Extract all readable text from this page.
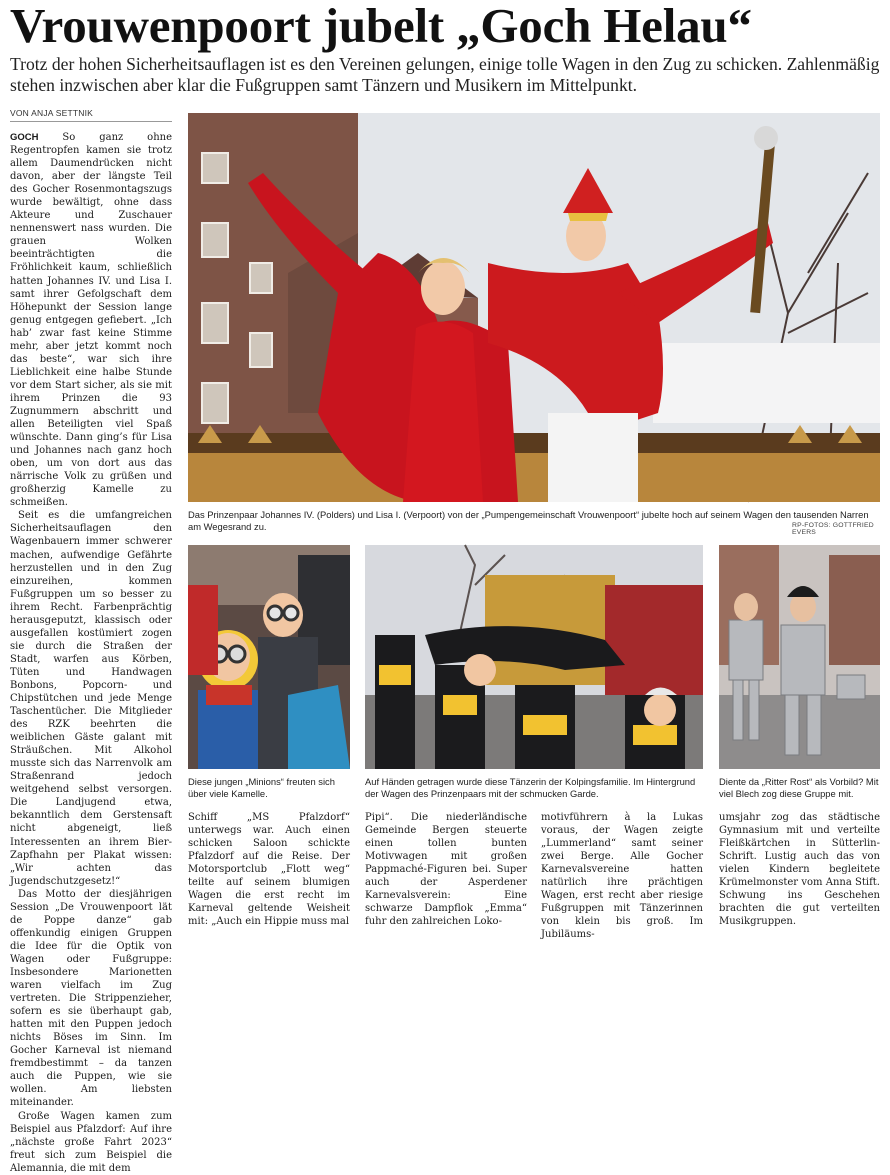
Vrouwenpoort jubelt „Goch Helau“
Trotz der hohen Sicherheitsauflagen ist es den Vereinen gelungen, einige tolle Wagen in den Zug zu schicken. Zahlenmäßig stehen inzwischen aber klar die Fußgruppen samt Tänzern und Musikern im Mittelpunkt.
VON ANJA SETTNIK

GOCH So ganz ohne Regentropfen kamen sie trotz allem Daumendrücken nicht davon, aber der längste Teil des Gocher Rosenmontagszugs wurde bewältigt, ohne dass Akteure und Zuschauer nennenswert nass wurden. Die grauen Wolken beeinträchtigten die Fröhlichkeit kaum, schließlich hatten Johannes IV. und Lisa I. samt ihrer Gefolgschaft dem Höhepunkt der Session lange genug entgegen gefiebert. „Ich hab’ zwar fast keine Stimme mehr, aber jetzt kommt noch das beste“, war sich ihre Lieblichkeit eine halbe Stunde vor dem Start sicher, als sie mit ihrem Prinzen die 93 Zugnummern abschritt und allen Beteiligten viel Spaß wünschte. Dann ging’s für Lisa und Johannes nach ganz hoch oben, um von dort aus das närrische Volk zu grüßen und großherzig Kamelle zu schmeißen.

Seit es die umfangreichen Sicherheitsauflagen den Wagenbauern immer schwerer machen, aufwendige Gefährte herzustellen und in den Zug einzureihen, kommen Fußgruppen um so besser zu ihrem Recht. Farbenprächtig herausgeputzt, klassisch oder ausgefallen kostümiert zogen sie durch die Straßen der Stadt, warfen aus Körben, Tüten und Handwagen Bonbons, Popcorn- und Chipstütchen und jede Menge Taschentücher. Die Mitglieder des RZK beehrten die weiblichen Gäste galant mit Sträußchen. Mit Alkohol musste sich das Narrenvolk am Straßenrand jedoch weitgehend selbst versorgen. Die Landjugend etwa, bekanntlich dem Gerstensaft nicht abgeneigt, ließ Interessenten an ihrem Bier-Zapfhahn per Plakat wissen: „Wir achten das Jugendschutzgesetz!“

Das Motto der diesjährigen Session „De Vrouwenpoort lät de Poppe danze“ gab offenkundig einigen Gruppen die Idee für die Optik von Wagen oder Fußgruppe: Insbesondere Marionetten waren vielfach im Zug vertreten. Die Strippenzieher, sofern es sie überhaupt gab, hatten mit den Puppen jedoch nichts Böses im Sinn. Im Gocher Karneval ist niemand fremdbestimmt – da tanzen auch die Puppen, wie sie wollen. Am liebsten miteinander.

Große Wagen kamen zum Beispiel aus Pfalzdorf: Auf ihre „nächste große Fahrt 2023“ freut sich zum Beispiel die Alemannia, die mit dem

Das Prinzenpaar Johannes IV. (Polders) und Lisa I. (Verpoort) von der „Pumpengemeinschaft Vrouwenpoort“ jubelte hoch auf seinem Wagen den tausenden Narren am Wegesrand zu.	RP-FOTOS: GOTTFRIED EVERS
Diese jungen „Minions“ freuten sich über viele Kamelle.
Auf Händen getragen wurde diese Tänzerin der Kolpingsfamilie. Im Hintergrund der Wagen des Prinzenpaars mit der schmucken Garde.
Diente da „Ritter Rost“ als Vorbild? Mit viel Blech zog diese Gruppe mit.
Schiff „MS Pfalzdorf“ unterwegs war. Auch einen schicken Saloon schickte Pfalzdorf auf die Reise. Der Motorsportclub „Flott weg“ teilte auf seinem blumigen Wagen die erst recht im Karneval geltende Weisheit mit: „Auch ein Hippie muss mal
Pipi“. Die niederländische Gemeinde Bergen steuerte einen tollen bunten Motivwagen mit großen Pappmaché-Figuren bei. Super auch der Asperdener Karnevalsverein: Eine schwarze Dampflok „Emma“ fuhr den zahlreichen Loko-
motivführern à la Lukas voraus, der Wagen zeigte „Lummerland“ samt seiner zwei Berge. Alle Gocher Karnevalsvereine hatten natürlich ihre prächtigen Wagen, erst recht aber riesige Fußgruppen mit Tänzerinnen von klein bis groß. Im Jubiläums-
umsjahr zog das städtische Gymnasium mit und verteilte Fleißkärtchen in Sütterlin-Schrift. Lustig auch das von vielen Kindern begleitete Krümelmonster vom Anna Stift. Schwung ins Geschehen brachten die gut verteilten Musikgruppen.
